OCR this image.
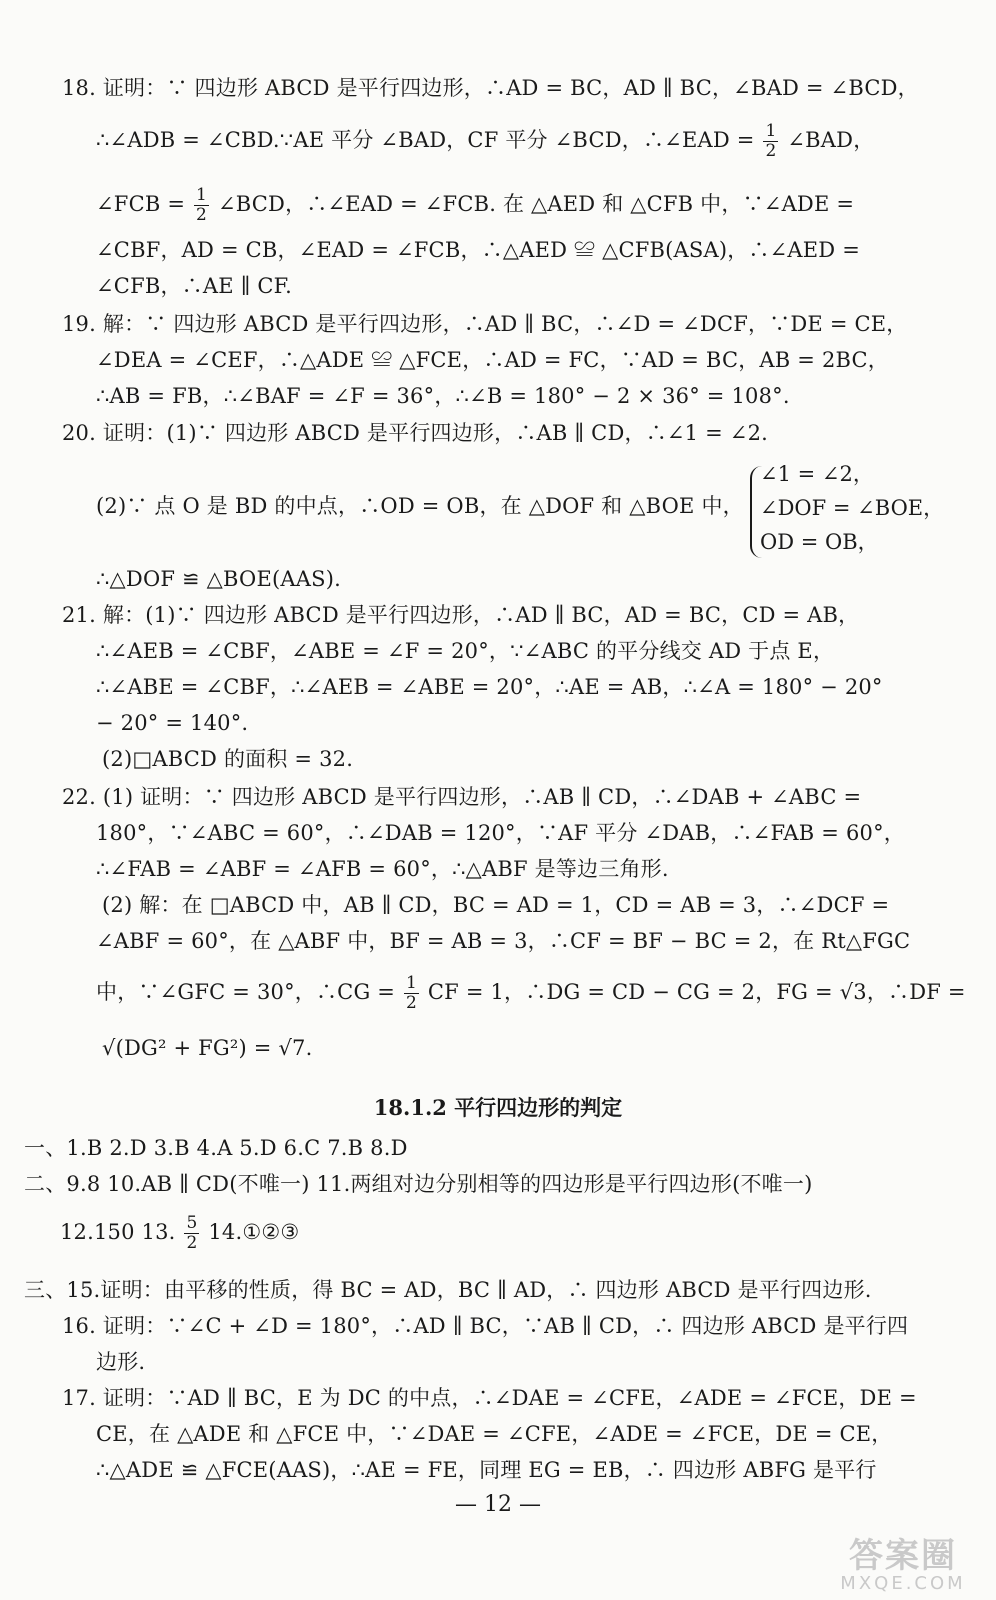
18. 证明：∵ 四边形 ABCD 是平行四边形，∴AD = BC，AD ∥ BC，∠BAD = ∠BCD，
∴∠ADB = ∠CBD.∵AE 平分 ∠BAD，CF 平分 ∠BCD，∴∠EAD = $\frac{1}{2}$ ∠BAD，
∠FCB = $\frac{1}{2}$ ∠BCD，∴∠EAD = ∠FCB. 在 △AED 和 △CFB 中，∵∠ADE =
∠CBF，AD = CB，∠EAD = ∠FCB，∴△AED ≌ △CFB(ASA)，∴∠AED =
∠CFB，∴AE ∥ CF.
19. 解：∵ 四边形 ABCD 是平行四边形，∴AD ∥ BC，∴∠D = ∠DCF，∵DE = CE，
∠DEA = ∠CEF，∴△ADE ≌ △FCE，∴AD = FC，∵AD = BC，AB = 2BC，
∴AB = FB，∴∠BAF = ∠F = 36°，∴∠B = 180° − 2 × 36° = 108°.
20. 证明：(1)∵ 四边形 ABCD 是平行四边形，∴AB ∥ CD，∴∠1 = ∠2.
(2)∵ 点 O 是 BD 的中点，∴OD = OB，在 △DOF 和 △BOE 中，
∠1 = ∠2，
∠DOF = ∠BOE，
OD = OB，
∴△DOF ≌ △BOE(AAS).
21. 解：(1)∵ 四边形 ABCD 是平行四边形，∴AD ∥ BC，AD = BC，CD = AB，
∴∠AEB = ∠CBF，∠ABE = ∠F = 20°，∵∠ABC 的平分线交 AD 于点 E，
∴∠ABE = ∠CBF，∴∠AEB = ∠ABE = 20°，∴AE = AB，∴∠A = 180° − 20°
− 20° = 140°.
(2)□ABCD 的面积 = 32.
22. (1) 证明：∵ 四边形 ABCD 是平行四边形，∴AB ∥ CD，∴∠DAB + ∠ABC =
180°，∵∠ABC = 60°，∴∠DAB = 120°，∵AF 平分 ∠DAB，∴∠FAB = 60°，
∴∠FAB = ∠ABF = ∠AFB = 60°，∴△ABF 是等边三角形.
(2) 解：在 □ABCD 中，AB ∥ CD，BC = AD = 1，CD = AB = 3，∴∠DCF =
∠ABF = 60°，在 △ABF 中，BF = AB = 3，∴CF = BF − BC = 2，在 Rt△FGC
中，∵∠GFC = 30°，∴CG = $\frac{1}{2}$ CF = 1，∴DG = CD − CG = 2，FG = √3，∴DF =
√(DG² + FG²) = √7.
18.1.2 平行四边形的判定
一、1.B 2.D 3.B 4.A 5.D 6.C 7.B 8.D
二、9.8 10.AB ∥ CD(不唯一) 11.两组对边分别相等的四边形是平行四边形(不唯一)
12.150 13. $\frac{5}{2}$ 14.①②③
三、15.证明：由平移的性质，得 BC = AD，BC ∥ AD，∴ 四边形 ABCD 是平行四边形.
16. 证明：∵∠C + ∠D = 180°，∴AD ∥ BC，∵AB ∥ CD，∴ 四边形 ABCD 是平行四
边形.
17. 证明：∵AD ∥ BC，E 为 DC 的中点，∴∠DAE = ∠CFE，∠ADE = ∠FCE，DE =
CE，在 △ADE 和 △FCE 中，∵∠DAE = ∠CFE，∠ADE = ∠FCE，DE = CE，
∴△ADE ≌ △FCE(AAS)，∴AE = FE，同理 EG = EB，∴ 四边形 ABFG 是平行
— 12 —
答案圈
MXQE.COM
